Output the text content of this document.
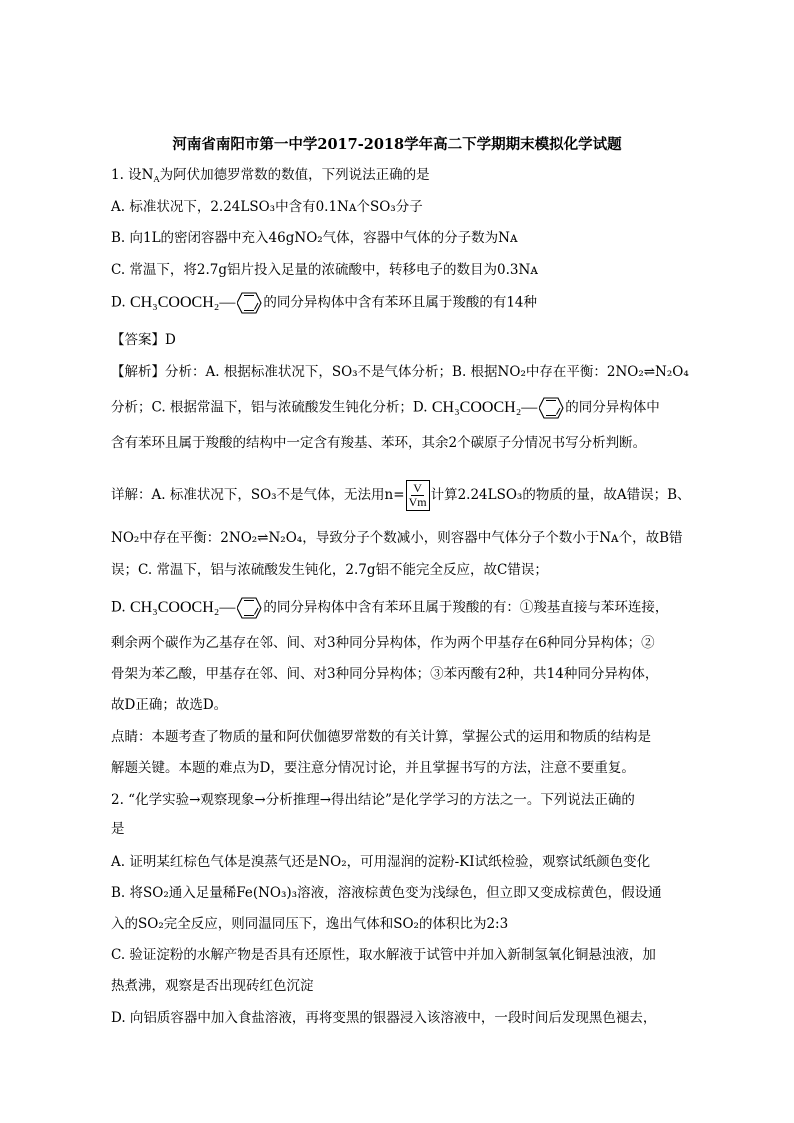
河南省南阳市第一中学2017-2018学年高二下学期期末模拟化学试题
1. 设$N_A$为阿伏加德罗常数的数值，下列说法正确的是
A. 标准状况下，2.24LSO₃中含有0.1Nᴀ个SO₃分子
B. 向1L的密闭容器中充入46gNO₂气体，容器中气体的分子数为Nᴀ
C. 常温下，将2.7g铝片投入足量的浓硫酸中，转移电子的数目为0.3Nᴀ
D. CH₃COOCH₂— 的同分异构体中含有苯环且属于羧酸的有14种
【答案】D
【解析】分析：A. 根据标准状况下，SO₃不是气体分析；B. 根据NO₂中存在平衡：2NO₂⇌N₂O₄
分析；C. 根据常温下，铝与浓硫酸发生钝化分析；D. CH₃COOCH₂— 的同分异构体中
含有苯环且属于羧酸的结构中一定含有羧基、苯环，其余2个碳原子分情况书写分析判断。
详解：A. 标准状况下，SO₃不是气体，无法用$n= \frac{V}{Vm}$ 计算2.24LSO₃的物质的量，故A错误；B、
NO₂中存在平衡：2NO₂⇌N₂O₄，导致分子个数减小，则容器中气体分子个数小于Nᴀ个，故B错
误；C. 常温下，铝与浓硫酸发生钝化，2.7g铝不能完全反应，故C错误；
D. CH₃COOCH₂— 的同分异构体中含有苯环且属于羧酸的有：①羧基直接与苯环连接，
剩余两个碳作为乙基存在邻、间、对3种同分异构体，作为两个甲基存在6种同分异构体；②
骨架为苯乙酸，甲基存在邻、间、对3种同分异构体；③苯丙酸有2种，共14种同分异构体，
故D正确；故选D。
点睛：本题考查了物质的量和阿伏伽德罗常数的有关计算，掌握公式的运用和物质的结构是
解题关键。本题的难点为D，要注意分情况讨论，并且掌握书写的方法，注意不要重复。
2. “化学实验→观察现象→分析推理→得出结论”是化学学习的方法之一。下列说法正确的
是
A. 证明某红棕色气体是溴蒸气还是NO₂，可用湿润的淀粉-KI试纸检验，观察试纸颜色变化
B. 将SO₂通入足量稀Fe(NO₃)₃溶液，溶液棕黄色变为浅绿色，但立即又变成棕黄色，假设通
入的SO₂完全反应，则同温同压下，逸出气体和SO₂的体积比为2:3
C. 验证淀粉的水解产物是否具有还原性，取水解液于试管中并加入新制氢氧化铜悬浊液，加
热煮沸，观察是否出现砖红色沉淀
D. 向铝质容器中加入食盐溶液，再将变黑的银器浸入该溶液中，一段时间后发现黑色褪去，
